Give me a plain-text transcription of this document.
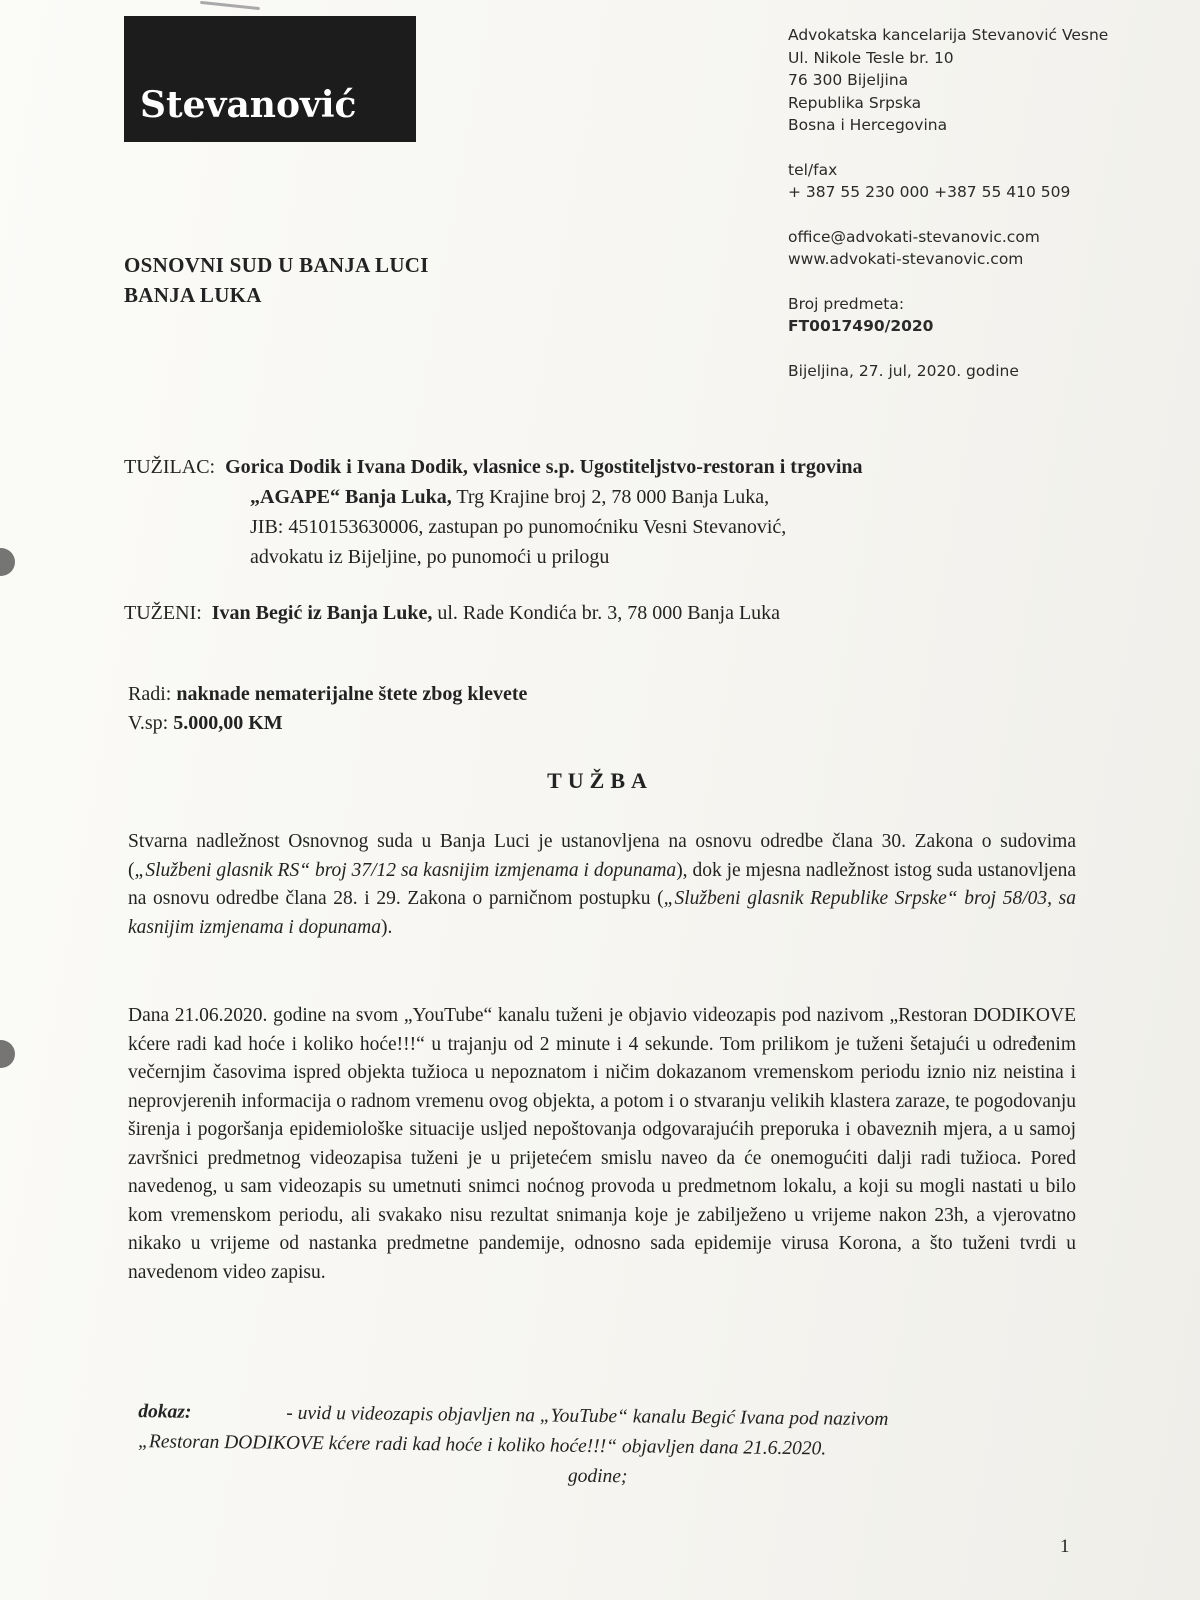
Stevanović
Advokatska kancelarija Stevanović Vesne
Ul. Nikole Tesle br. 10
76 300 Bijeljina
Republika Srpska
Bosna i Hercegovina
tel/fax
+ 387 55 230 000 +387 55 410 509
office@advokati-stevanovic.com
www.advokati-stevanovic.com
Broj predmeta:
FT0017490/2020
Bijeljina, 27. jul, 2020. godine
OSNOVNI SUD U BANJA LUCI
BANJA LUKA
TUŽILAC: Gorica Dodik i Ivana Dodik, vlasnice s.p. Ugostiteljstvo-restoran i trgovina
„AGAPE“ Banja Luka, Trg Krajine broj 2, 78 000 Banja Luka,
JIB: 4510153630006, zastupan po punomoćniku Vesni Stevanović,
advokatu iz Bijeljine, po punomoći u prilogu
TUŽENI: Ivan Begić iz Banja Luke, ul. Rade Kondića br. 3, 78 000 Banja Luka
Radi: naknade nematerijalne štete zbog klevete
V.sp: 5.000,00 KM
TUŽBA
Stvarna nadležnost Osnovnog suda u Banja Luci je ustanovljena na osnovu odredbe člana 30. Zakona o sudovima („Službeni glasnik RS“ broj 37/12 sa kasnijim izmjenama i dopunama), dok je mjesna nadležnost istog suda ustanovljena na osnovu odredbe člana 28. i 29. Zakona o parničnom postupku („Službeni glasnik Republike Srpske“ broj 58/03, sa kasnijim izmjenama i dopunama).
Dana 21.06.2020. godine na svom „YouTube“ kanalu tuženi je objavio videozapis pod nazivom „Restoran DODIKOVE kćere radi kad hoće i koliko hoće!!!“ u trajanju od 2 minute i 4 sekunde. Tom prilikom je tuženi šetajući u određenim večernjim časovima ispred objekta tužioca u nepoznatom i ničim dokazanom vremenskom periodu iznio niz neistina i neprovjerenih informacija o radnom vremenu ovog objekta, a potom i o stvaranju velikih klastera zaraze, te pogodovanju širenja i pogoršanja epidemiološke situacije usljed nepoštovanja odgovarajućih preporuka i obaveznih mjera, a u samoj završnici predmetnog videozapisa tuženi je u prijetećem smislu naveo da će onemogućiti dalji radi tužioca. Pored navedenog, u sam videozapis su umetnuti snimci noćnog provoda u predmetnom lokalu, a koji su mogli nastati u bilo kom vremenskom periodu, ali svakako nisu rezultat snimanja koje je zabilježeno u vrijeme nakon 23h, a vjerovatno nikako u vrijeme od nastanka predmetne pandemije, odnosno sada epidemije virusa Korona, a što tuženi tvrdi u navedenom video zapisu.
dokaz:	- uvid u videozapis objavljen na „YouTube“ kanalu Begić Ivana pod nazivom
„Restoran DODIKOVE kćere radi kad hoće i koliko hoće!!!“ objavljen dana 21.6.2020.
godine;
1
